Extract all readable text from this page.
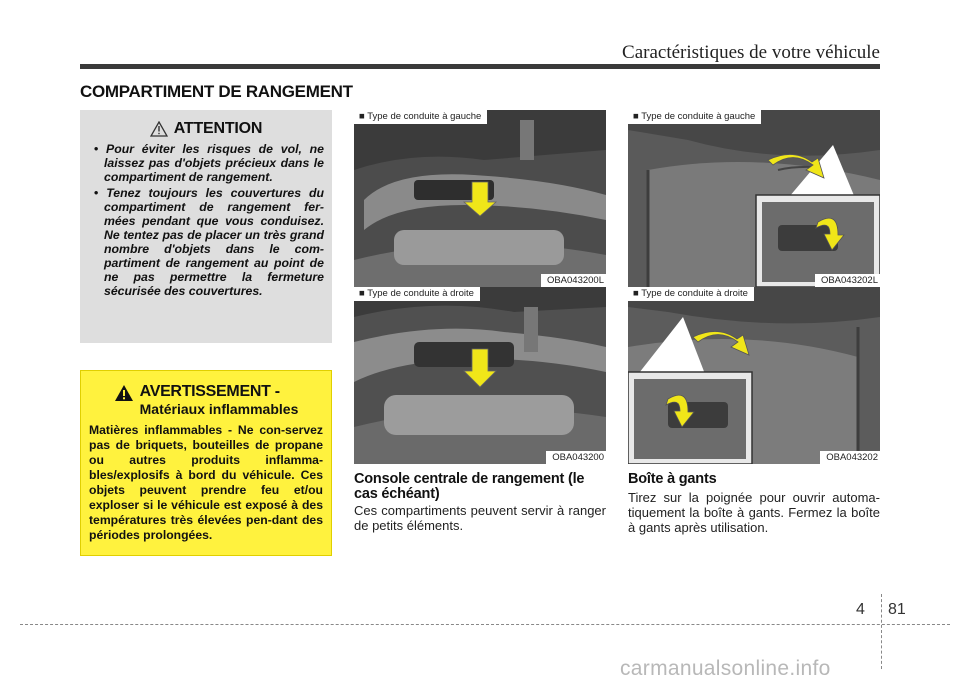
Caractéristiques de votre véhicule
COMPARTIMENT DE RANGEMENT
ATTENTION
• Pour éviter les risques de vol, ne laissez pas d'objets précieux dans le compartiment de rangement.
• Tenez toujours les couvertures du compartiment de rangement fer-mées pendant que vous conduisez. Ne tentez pas de placer un très grand nombre d'objets dans le com-partiment de rangement au point de ne pas permettre la fermeture sécurisée des couvertures.
AVERTISSEMENT -
Matériaux inflammables
Matières inflammables - Ne con-servez pas de briquets, bouteilles de propane ou autres produits inflamma-bles/explosifs à bord du véhicule. Ces objets peuvent prendre feu et/ou exploser si le véhicule est exposé à des températures très élevées pen-dant des périodes prolongées.
■ Type de conduite à gauche
OBA043200L
■ Type de conduite à droite
OBA043200
■ Type de conduite à gauche
OBA043202L
■ Type de conduite à droite
OBA043202
Console centrale de rangement (le cas échéant)
Ces compartiments peuvent servir à ranger de petits éléments.
Boîte à gants
Tirez sur la poignée pour ouvrir automa-tiquement la boîte à gants. Fermez la boîte à gants après utilisation.
4 81
carmanualsonline.info
